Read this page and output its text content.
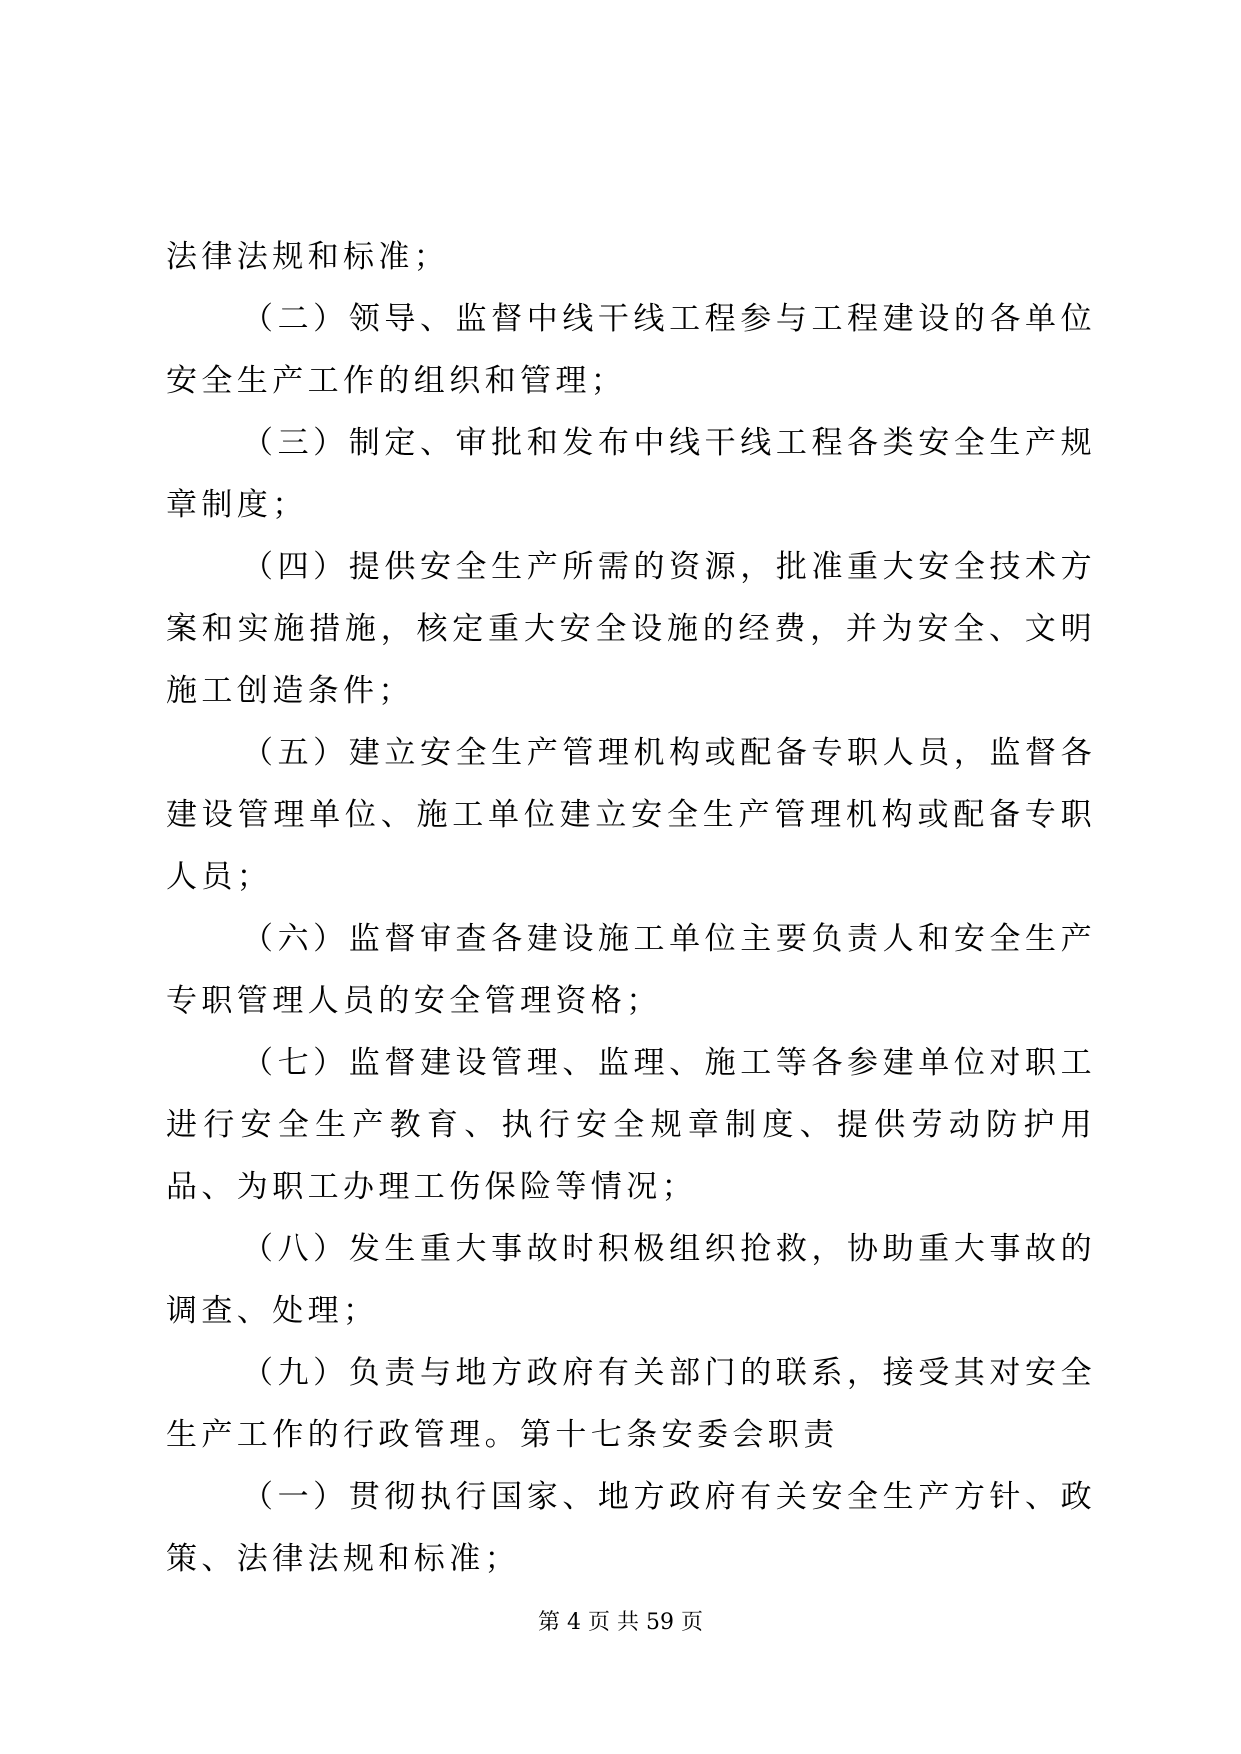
法律法规和标准；

（二）领导、监督中线干线工程参与工程建设的各单位安全生产工作的组织和管理；

（三）制定、审批和发布中线干线工程各类安全生产规章制度；

（四）提供安全生产所需的资源，批准重大安全技术方案和实施措施，核定重大安全设施的经费，并为安全、文明施工创造条件；

（五）建立安全生产管理机构或配备专职人员，监督各建设管理单位、施工单位建立安全生产管理机构或配备专职人员；

（六）监督审查各建设施工单位主要负责人和安全生产专职管理人员的安全管理资格；

（七）监督建设管理、监理、施工等各参建单位对职工进行安全生产教育、执行安全规章制度、提供劳动防护用品、为职工办理工伤保险等情况；

（八）发生重大事故时积极组织抢救，协助重大事故的调查、处理；

（九）负责与地方政府有关部门的联系，接受其对安全生产工作的行政管理。第十七条安委会职责

（一）贯彻执行国家、地方政府有关安全生产方针、政策、法律法规和标准；

第 4 页 共 59 页
